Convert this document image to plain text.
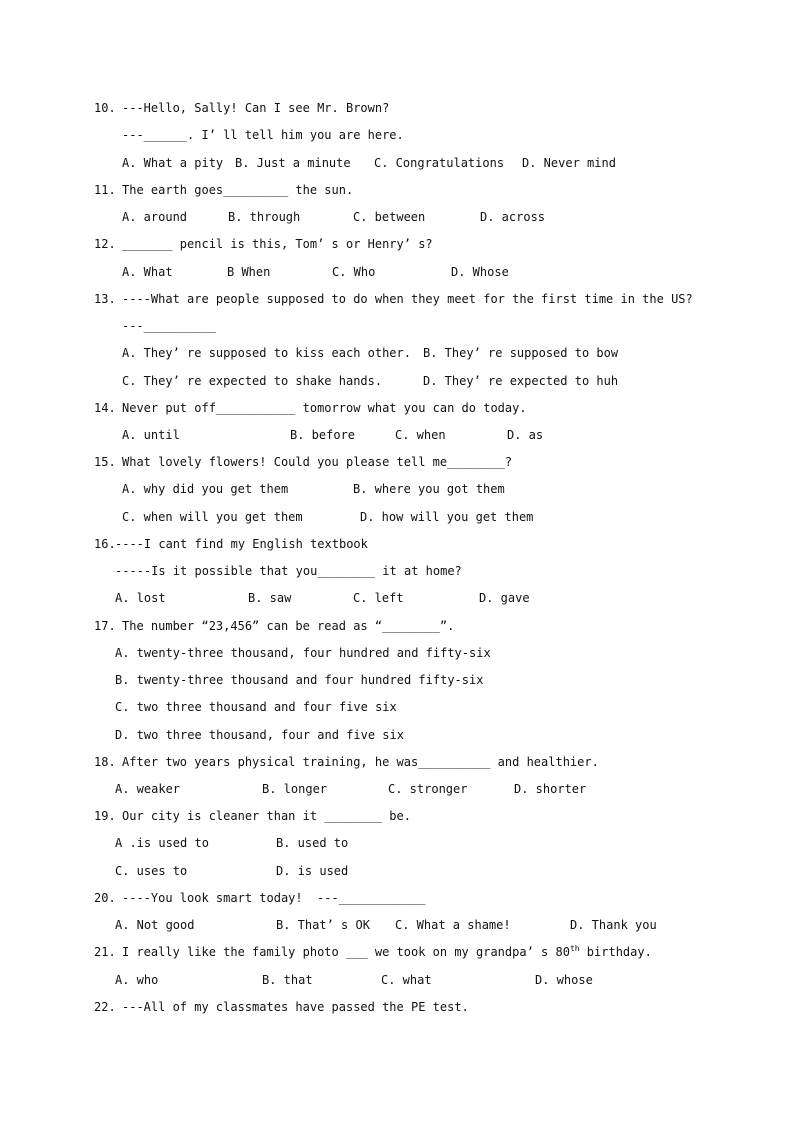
10. ---Hello, Sally! Can I see Mr. Brown?
---______. I’ ll tell him you are here.
A. What a pity B. Just a minute C. Congratulations D. Never mind
11. The earth goes_________ the sun.
A. around	B. through	C. between	D. across
12. _______ pencil is this, Tom’ s or Henry’ s?
A. What	B When	C. Who	D. Whose
13. ----What are people supposed to do when they meet for the first time in the US?
---__________
A. They’ re supposed to kiss each other. B. They’ re supposed to bow
C. They’ re expected to shake hands.	D. They’ re expected to huh
14. Never put off___________ tomorrow what you can do today.
A. until	B. before	C. when	D. as
15. What lovely flowers! Could you please tell me________?
A. why did you get them	B. where you got them
C. when will you get them	D. how will you get them
16. ----I cant find my English textbook
-----Is it possible that you________ it at home?
A. lost	B. saw	C. left	D. gave
17. The number “23,456” can be read as “________”.
A. twenty-three thousand, four hundred and fifty-six
B. twenty-three thousand and four hundred fifty-six
C. two three thousand and four five six
D. two three thousand, four and five six
18. After two years physical training, he was__________ and healthier.
A. weaker	B. longer	C. stronger	D. shorter
19. Our city is cleaner than it ________ be.
A .is used to	B. used to
C. uses to	D. is used
20. ----You look smart today!  ---____________
A. Not good	B. That’ s OK C. What a shame!	D. Thank you
21. I really like the family photo ___ we took on my grandpa’ s 80th birthday.
A. who	B. that	C. what	D. whose
22. ---All of my classmates have passed the PE test.
